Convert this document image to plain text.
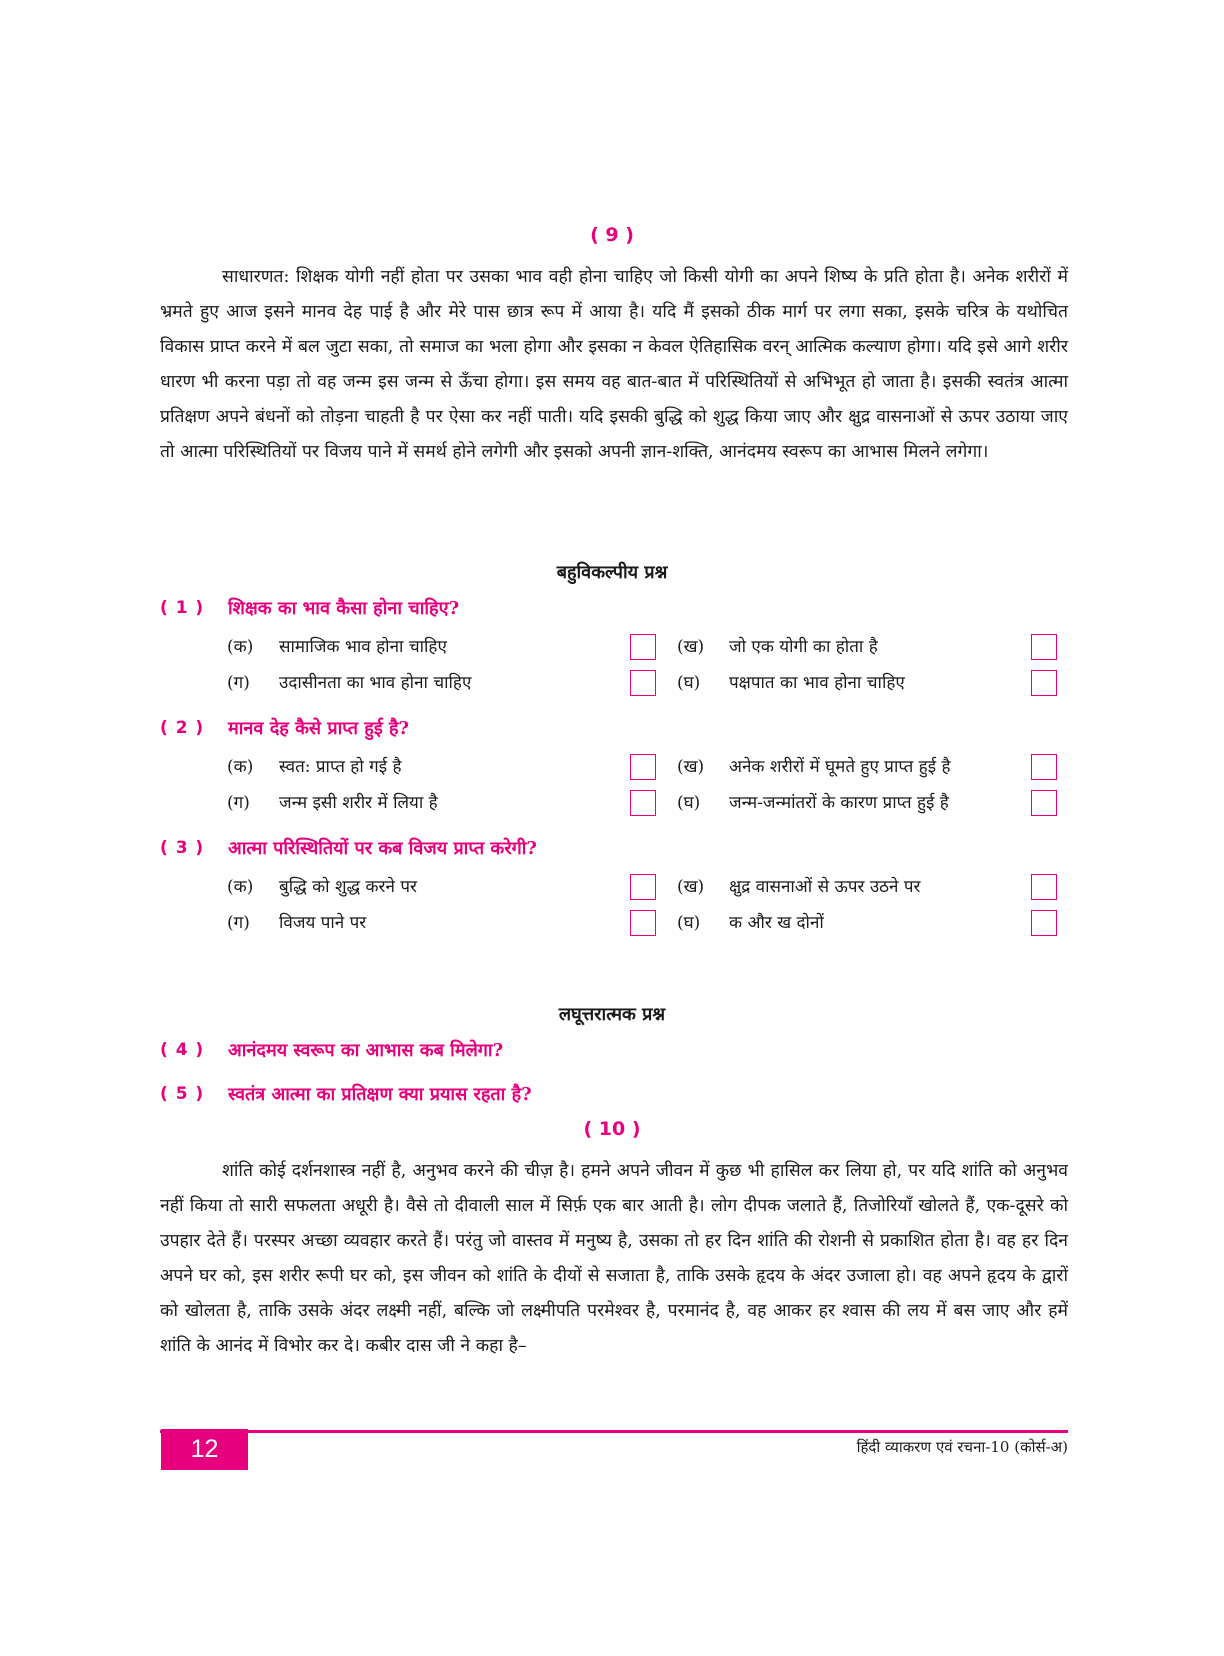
( 9 )

साधारणत: शिक्षक योगी नहीं होता पर उसका भाव वही होना चाहिए जो किसी योगी का अपने शिष्य के प्रति होता है। अनेक शरीरों में भ्रमते हुए आज इसने मानव देह पाई है और मेरे पास छात्र रूप में आया है। यदि मैं इसको ठीक मार्ग पर लगा सका, इसके चरित्र के यथोचित विकास प्राप्त करने में बल जुटा सका, तो समाज का भला होगा और इसका न केवल ऐतिहासिक वरन् आत्मिक कल्याण होगा। यदि इसे आगे शरीर धारण भी करना पड़ा तो वह जन्म इस जन्म से ऊँचा होगा। इस समय वह बात-बात में परिस्थितियों से अभिभूत हो जाता है। इसकी स्वतंत्र आत्मा प्रतिक्षण अपने बंधनों को तोड़ना चाहती है पर ऐसा कर नहीं पाती। यदि इसकी बुद्धि को शुद्ध किया जाए और क्षुद्र वासनाओं से ऊपर उठाया जाए तो आत्मा परिस्थितियों पर विजय पाने में समर्थ होने लगेगी और इसको अपनी ज्ञान-शक्ति, आनंदमय स्वरूप का आभास मिलने लगेगा।

बहुविकल्पीय प्रश्न
( 1 )	शिक्षक का भाव कैसा होना चाहिए?
(क)	सामाजिक भाव होना चाहिए	(ख)	जो एक योगी का होता है
(ग)	उदासीनता का भाव होना चाहिए	(घ)	पक्षपात का भाव होना चाहिए
( 2 )	मानव देह कैसे प्राप्त हुई है?
(क)	स्वत: प्राप्त हो गई है	(ख)	अनेक शरीरों में घूमते हुए प्राप्त हुई है
(ग)	जन्म इसी शरीर में लिया है	(घ)	जन्म-जन्मांतरों के कारण प्राप्त हुई है
( 3 )	आत्मा परिस्थितियों पर कब विजय प्राप्त करेगी?
(क)	बुद्धि को शुद्ध करने पर	(ख)	क्षुद्र वासनाओं से ऊपर उठने पर
(ग)	विजय पाने पर	(घ)	क और ख दोनों
लघूत्तरात्मक प्रश्न
( 4 )	आनंदमय स्वरूप का आभास कब मिलेगा?
( 5 )	स्वतंत्र आत्मा का प्रतिक्षण क्या प्रयास रहता है?
( 10 )

शांति कोई दर्शनशास्त्र नहीं है, अनुभव करने की चीज़ है। हमने अपने जीवन में कुछ भी हासिल कर लिया हो, पर यदि शांति को अनुभव नहीं किया तो सारी सफलता अधूरी है। वैसे तो दीवाली साल में सिर्फ़ एक बार आती है। लोग दीपक जलाते हैं, तिजोरियाँ खोलते हैं, एक-दूसरे को उपहार देते हैं। परस्पर अच्छा व्यवहार करते हैं। परंतु जो वास्तव में मनुष्य है, उसका तो हर दिन शांति की रोशनी से प्रकाशित होता है। वह हर दिन अपने घर को, इस शरीर रूपी घर को, इस जीवन को शांति के दीयों से सजाता है, ताकि उसके हृदय के अंदर उजाला हो। वह अपने हृदय के द्वारों को खोलता है, ताकि उसके अंदर लक्ष्मी नहीं, बल्कि जो लक्ष्मीपति परमेश्वर है, परमानंद है, वह आकर हर श्वास की लय में बस जाए और हमें शांति के आनंद में विभोर कर दे। कबीर दास जी ने कहा है–

12	हिंदी व्याकरण एवं रचना-10 (कोर्स-अ)
